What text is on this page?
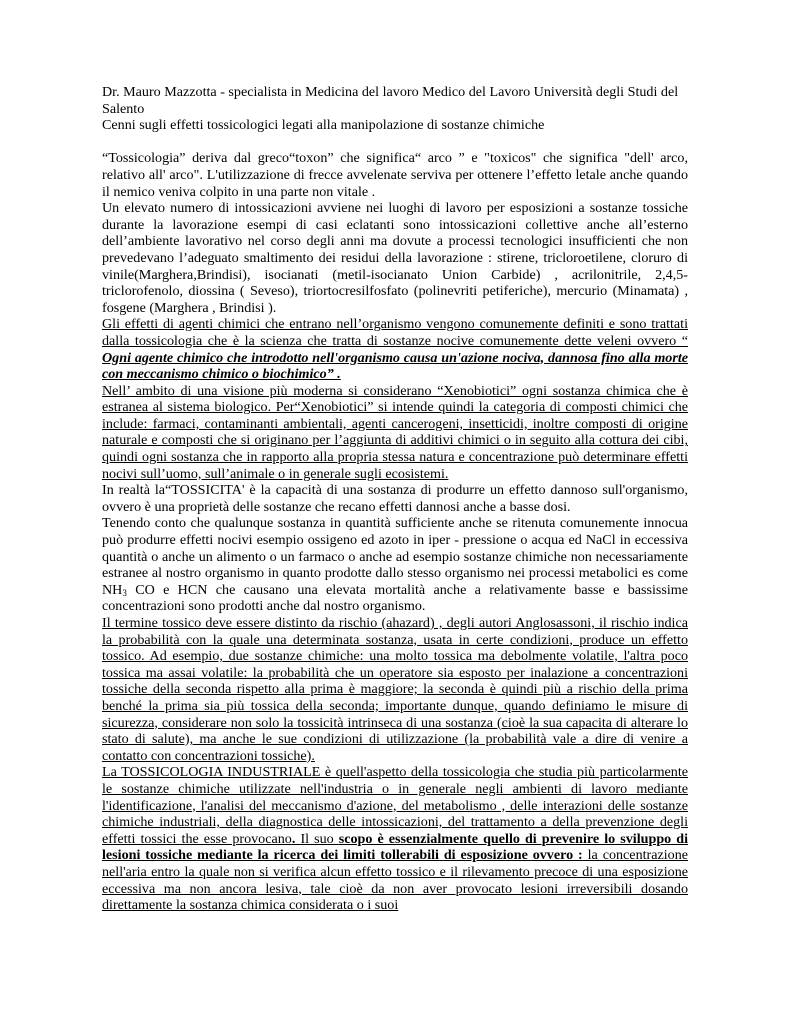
Dr. Mauro Mazzotta - specialista in Medicina del lavoro Medico del Lavoro Università degli Studi del Salento

Cenni sugli effetti tossicologici legati alla manipolazione di sostanze chimiche

“Tossicologia” deriva dal greco“toxon” che significa“ arco ” e "toxicos" che significa "dell' arco, relativo all' arco". L'utilizzazione di frecce avvelenate serviva per ottenere l’effetto letale anche quando il nemico veniva colpito in una parte non vitale .

Un elevato numero di intossicazioni avviene nei luoghi di lavoro per esposizioni a sostanze tossiche durante la lavorazione esempi di casi eclatanti sono intossicazioni collettive anche all’esterno dell’ambiente lavorativo nel corso degli anni ma dovute a processi tecnologici insufficienti che non prevedevano l’adeguato smaltimento dei residui della lavorazione : stirene, tricloroetilene, cloruro di vinile(Marghera,Brindisi), isocianati (metil-isocianato Union Carbide) , acrilonitrile, 2,4,5-triclorofenolo, diossina ( Seveso), triortocresilfosfato (polinevriti petiferiche), mercurio (Minamata) , fosgene (Marghera , Brindisi ).

Gli effetti di agenti chimici che entrano nell’organismo vengono comunemente definiti e sono trattati dalla tossicologia che è la scienza che tratta di sostanze nocive comunemente dette veleni ovvero “ Ogni agente chimico che introdotto nell'organismo causa un'azione nociva, dannosa fino alla morte con meccanismo chimico o biochimico” .

Nell’ ambito di una visione più moderna si considerano “Xenobiotici” ogni sostanza chimica che è estranea al sistema biologico. Per“Xenobiotici” si intende quindi la categoria di composti chimici che include: farmaci, contaminanti ambientali, agenti cancerogeni, insetticidi, inoltre composti di origine naturale e composti che si originano per l’aggiunta di additivi chimici o in seguito alla cottura dei cibi, quindi ogni sostanza che in rapporto alla propria stessa natura e concentrazione può determinare effetti nocivi sull’uomo, sull’animale o in generale sugli ecosistemi.

In realtà la“TOSSICITA' è la capacità di una sostanza di produrre un effetto dannoso sull'organismo, ovvero è una proprietà delle sostanze che recano effetti dannosi anche a basse dosi.

Tenendo conto che qualunque sostanza in quantità sufficiente anche se ritenuta comunemente innocua può produrre effetti nocivi esempio ossigeno ed azoto in iper - pressione o acqua ed NaCl in eccessiva quantità o anche un alimento o un farmaco o anche ad esempio sostanze chimiche non necessariamente estranee al nostro organismo in quanto prodotte dallo stesso organismo nei processi metabolici es come $NH_3$ CO e HCN che causano una elevata mortalità anche a relativamente basse e bassissime concentrazioni sono prodotti anche dal nostro organismo.

Il termine tossico deve essere distinto da rischio (ahazard) , degli autori Anglosassoni, il rischio indica la probabilità con la quale una determinata sostanza, usata in certe condizioni, produce un effetto tossico. Ad esempio, due sostanze chimiche: una molto tossica ma debolmente volatile, l'altra poco tossica ma assai volatile: la probabilità che un operatore sia esposto per inalazione a concentrazioni tossiche della seconda rispetto alla prima è maggiore; la seconda è quindi più a rischio della prima benché la prima sia più tossica della seconda; importante dunque, quando definiamo le misure di sicurezza, considerare non solo la tossicità intrinseca di una sostanza (cioè la sua capacita di alterare lo stato di salute), ma anche le sue condizioni di utilizzazione (la probabilità vale a dire di venire a contatto con concentrazioni tossiche).

La TOSSICOLOGIA INDUSTRIALE è quell'aspetto della tossicologia che studia più particolarmente le sostanze chimiche utilizzate nell'industria o in generale negli ambienti di lavoro mediante l'identificazione, l'analisi del meccanismo d'azione, del metabolismo , delle interazioni delle sostanze chimiche industriali, della diagnostica delle intossicazioni, del trattamento a della prevenzione degli effetti tossici the esse provocano. Il suo scopo è essenzialmente quello di prevenire lo sviluppo di lesioni tossiche mediante la ricerca dei limiti tollerabili di esposizione ovvero : la concentrazione nell'aria entro la quale non si verifica alcun effetto tossico e il rilevamento precoce di una esposizione eccessiva ma non ancora lesiva, tale cioè da non aver provocato lesioni irreversibili dosando direttamente la sostanza chimica considerata o i suoi
